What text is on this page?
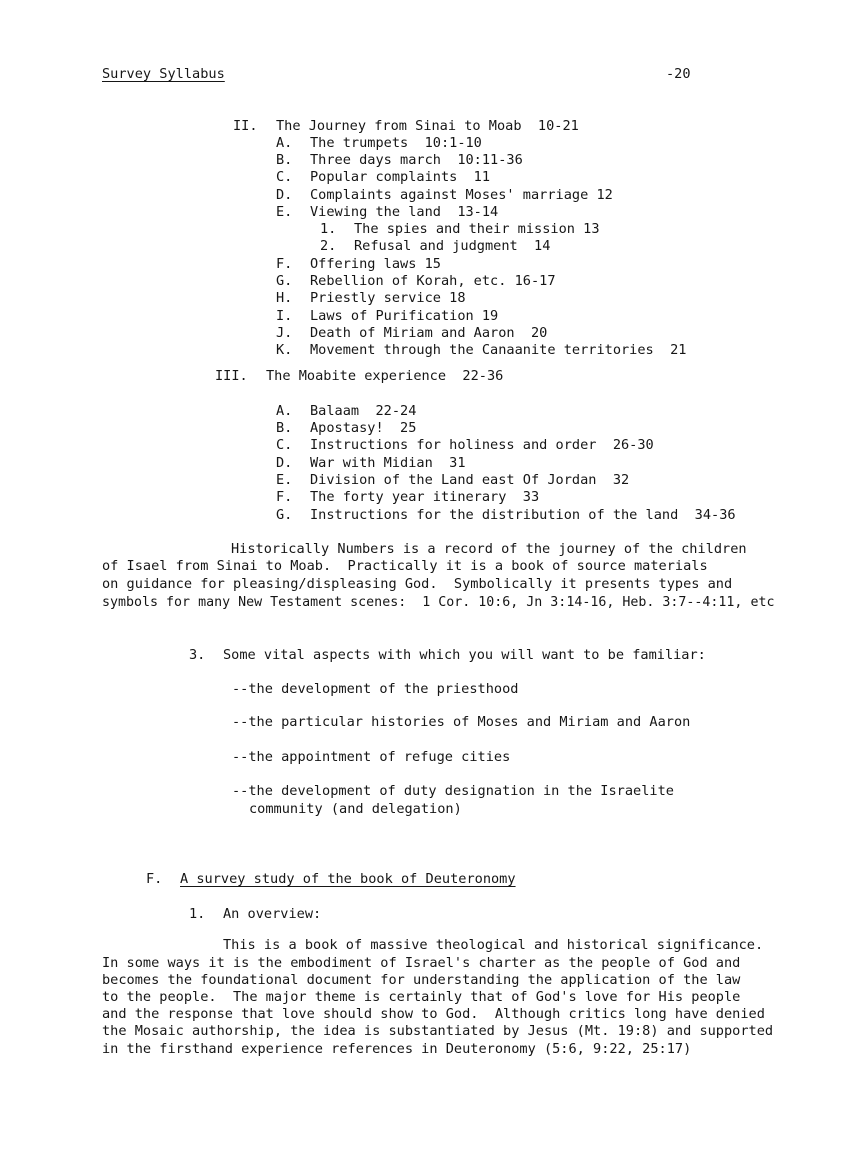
Survey Syllabus	-20
II. The Journey from Sinai to Moab  10-21
A. The trumpets  10:1-10
B. Three days march  10:11-36
C. Popular complaints  11
D. Complaints against Moses' marriage 12
E. Viewing the land  13-14
1. The spies and their mission 13
2. Refusal and judgment  14
F. Offering laws 15
G. Rebellion of Korah, etc. 16-17
H. Priestly service 18
I. Laws of Purification 19
J. Death of Miriam and Aaron  20
K. Movement through the Canaanite territories  21
III. The Moabite experience  22-36
A. Balaam  22-24
B. Apostasy!  25
C. Instructions for holiness and order  26-30
D. War with Midian  31
E. Division of the Land east Of Jordan  32
F. The forty year itinerary  33
G. Instructions for the distribution of the land  34-36
Historically Numbers is a record of the journey of the children
of Isael from Sinai to Moab.  Practically it is a book of source materials
on guidance for pleasing/displeasing God.  Symbolically it presents types and
symbols for many New Testament scenes:  1 Cor. 10:6, Jn 3:14-16, Heb. 3:7--4:11, etc
3. Some vital aspects with which you will want to be familiar:
--the development of the priesthood
--the particular histories of Moses and Miriam and Aaron
--the appointment of refuge cities
--the development of duty designation in the Israelite
community (and delegation)
F. A survey study of the book of Deuteronomy
1. An overview:
This is a book of massive theological and historical significance.
In some ways it is the embodiment of Israel's charter as the people of God and
becomes the foundational document for understanding the application of the law
to the people.  The major theme is certainly that of God's love for His people
and the response that love should show to God.  Although critics long have denied
the Mosaic authorship, the idea is substantiated by Jesus (Mt. 19:8) and supported
in the firsthand experience references in Deuteronomy (5:6, 9:22, 25:17)
